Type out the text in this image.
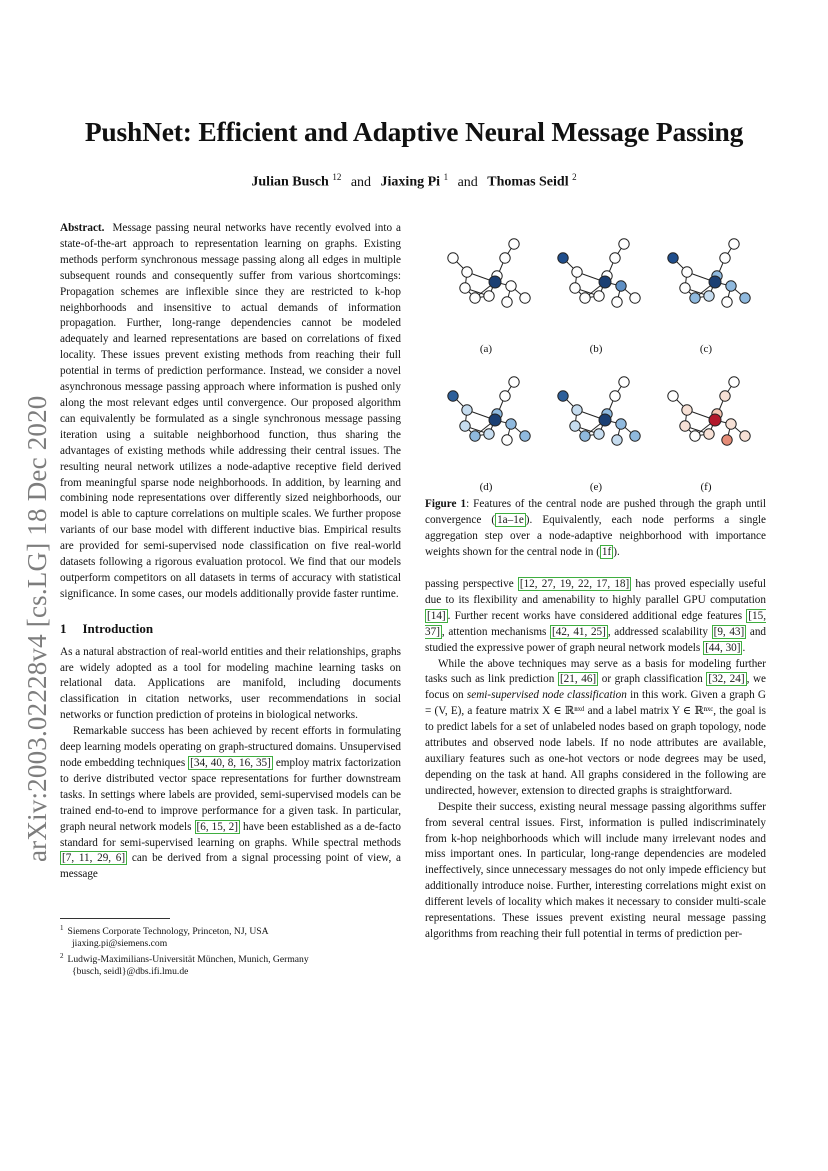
PushNet: Efficient and Adaptive Neural Message Passing
Julian Busch $^{12}$ and Jiaxing Pi $^1$ and Thomas Seidl $^2$
arXiv:2003.02228v4 [cs.LG] 18 Dec 2020

Abstract. Message passing neural networks have recently evolved into a state-of-the-art approach to representation learning on graphs. Existing methods perform synchronous message passing along all edges in multiple subsequent rounds and consequently suffer from various shortcomings: Propagation schemes are inflexible since they are restricted to k-hop neighborhoods and insensitive to actual demands of information propagation. Further, long-range dependencies cannot be modeled adequately and learned representations are based on correlations of fixed locality. These issues prevent existing methods from reaching their full potential in terms of prediction performance. Instead, we consider a novel asynchronous message passing approach where information is pushed only along the most relevant edges until convergence. Our proposed algorithm can equivalently be formulated as a single synchronous message passing iteration using a suitable neighborhood function, thus sharing the advantages of existing methods while addressing their central issues. The resulting neural network utilizes a node-adaptive receptive field derived from meaningful sparse node neighborhoods. In addition, by learning and combining node representations over differently sized neighborhoods, our model is able to capture correlations on multiple scales. We further propose variants of our base model with different inductive bias. Empirical results are provided for semi-supervised node classification on five real-world datasets following a rigorous evaluation protocol. We find that our models outperform competitors on all datasets in terms of accuracy with statistical significance. In some cases, our models additionally provide faster runtime.

1 Introduction

As a natural abstraction of real-world entities and their relationships, graphs are widely adopted as a tool for modeling machine learning tasks on relational data. Applications are manifold, including documents classification in citation networks, user recommendations in social networks or function prediction of proteins in biological networks.

Remarkable success has been achieved by recent efforts in formulating deep learning models operating on graph-structured domains. Unsupervised node embedding techniques [34, 40, 8, 16, 35] employ matrix factorization to derive distributed vector space representations for further downstream tasks. In settings where labels are provided, semi-supervised models can be trained end-to-end to improve performance for a given task. In particular, graph neural network models [6, 15, 2] have been established as a de-facto standard for semi-supervised learning on graphs. While spectral methods [7, 11, 29, 6] can be derived from a signal processing point of view, a message

$^1$ Siemens Corporate Technology, Princeton, NJ, USA
jiaxing.pi@siemens.com
$^2$ Ludwig-Maximilians-Universität München, Munich, Germany
{busch, seidl}@dbs.ifi.lmu.de
(a)	(b)	(c)
(d)	(e)	(f)
Figure 1: Features of the central node are pushed through the graph until convergence ( 1a–1e ). Equivalently, each node performs a single aggregation step over a node-adaptive neighborhood with importance weights shown for the central node in ( 1f ).

passing perspective [12, 27, 19, 22, 17, 18] has proved especially useful due to its flexibility and amenability to highly parallel GPU computation [14] . Further recent works have considered additional edge features [15, 37] , attention mechanisms [42, 41, 25] , addressed scalability [9, 43] and studied the expressive power of graph neural network models [44, 30] .

While the above techniques may serve as a basis for modeling further tasks such as link prediction [21, 46] or graph classification [32, 24] , we focus on semi-supervised node classification in this work. Given a graph G = (V, E), a feature matrix X ∈ ℝⁿˣᵈ and a label matrix Y ∈ ℝⁿˣᶜ, the goal is to predict labels for a set of unlabeled nodes based on graph topology, node attributes and observed node labels. If no node attributes are available, auxiliary features such as one-hot vectors or node degrees may be used, depending on the task at hand. All graphs considered in the following are undirected, however, extension to directed graphs is straightforward.

Despite their success, existing neural message passing algorithms suffer from several central issues. First, information is pulled indiscriminately from k-hop neighborhoods which will include many irrelevant nodes and miss important ones. In particular, long-range dependencies are modeled ineffectively, since unnecessary messages do not only impede efficiency but additionally introduce noise. Further, interesting correlations might exist on different levels of locality which makes it necessary to consider multi-scale representations. These issues prevent existing neural message passing algorithms from reaching their full potential in terms of prediction per-
